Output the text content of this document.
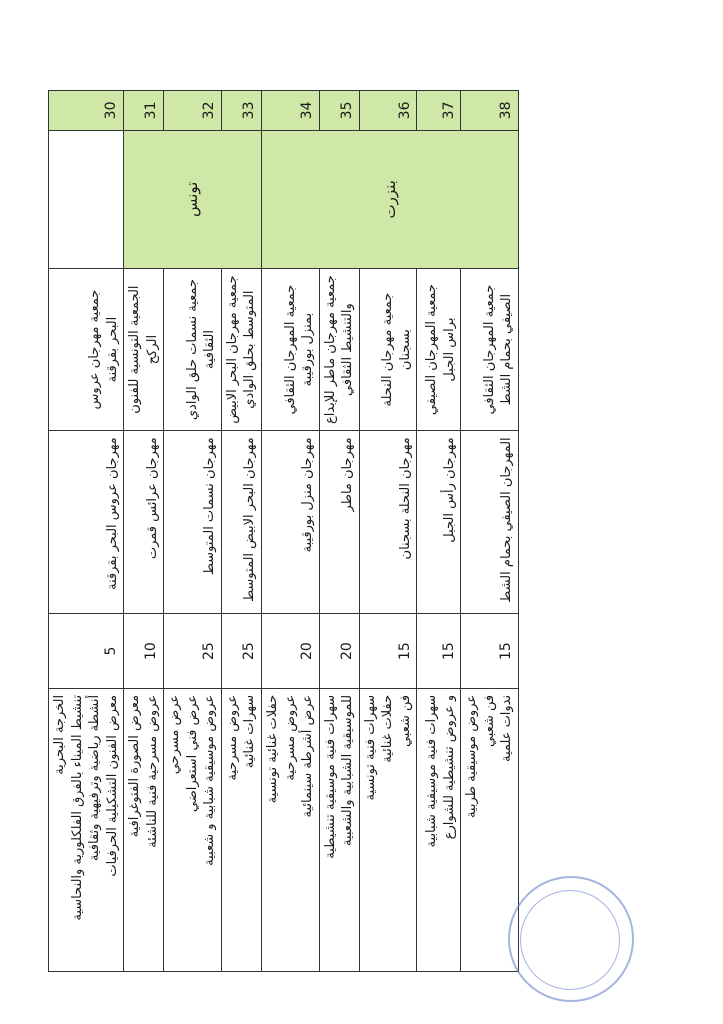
30		جمعية مهرجان عروس البحر بقرقنة	مهرجان عروس البحر بقرقنة	5	الخرجة البحرية تنشيط الميناء بالفرق الفلكلورية والنحاسية أنشطة رياضية وترفيهية وثقافية معرض الفنون التشكيلية الحرفيات

31	تونس	الجمعية التونسية للفنون الركح	مهرجان عرائس قمرت	10	معرض الصورة الفتوغرافية عروض مسرحية فنية للناشئة

32		جمعية نسمات حلق الوادي الثقافية	مهرجان نسمات المتوسط	25	عرض مسرحي عرض فني استعراضي عروض موسيقية شبابية و شعبية

33		جمعية مهرجان البحر الابيض المتوسط بحلق الوادي	مهرجان البحر الابيض المتوسط	25	عروض مسرحية سهرات غنائية

34	بنزرت	جمعية المهرجان الثقافي بمنزل بورقيبة	مهرجان منزل بورقيبة	20	حفلات غنائية تونسية عروض مسرحية عرض أشرطة سينمائية

35		جمعية مهرجان ماطر للإبداع والتنشيط الثقافي	مهرجان ماطر	20	سهرات فنية موسيقية تنشيطية للموسيقية الشبابية والشعبية

36		جمعية مهرجان النحلة بسجنان	مهرجان النحلة بسجنان	15	سهرات فنية تونسية حفلات غنائية فن شعبي

37		جمعية المهرجان الصيفي براس الجبل	مهرجان رأس الجبل	15	سهرات فنية موسيقية شبابية و عروض تنشيطية للشوارع

38		جمعية المهرجان الثقافي الصيفي بحمام الشط	المهرجان الصيفي بحمام الشط	15	عروض موسيقية طربية فن شعبي ندوات علمية
